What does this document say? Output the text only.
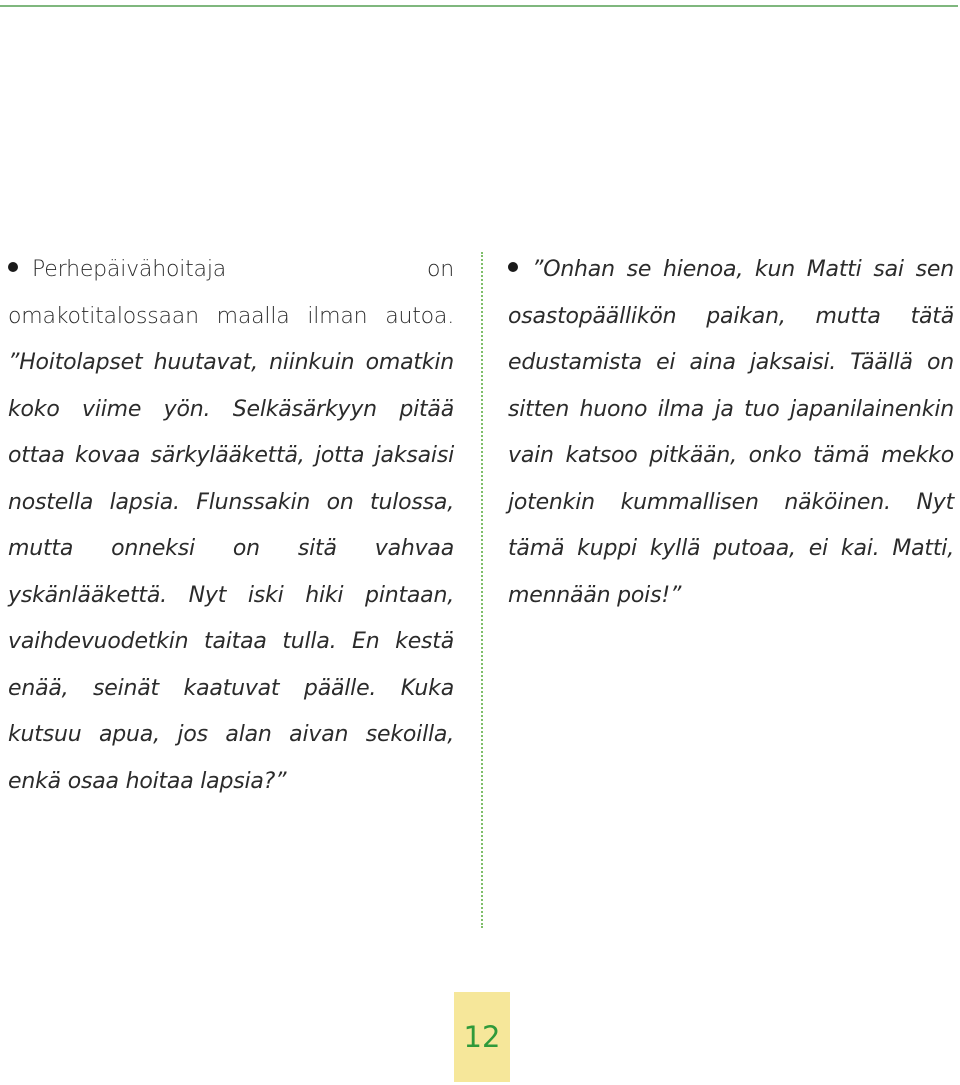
Perhepäivähoitaja on omakotitalossaan maalla ilman autoa. ”Hoitolapset huutavat, niinkuin omatkin koko viime yön. Selkäsärkyyn pitää ottaa kovaa särkylääkettä, jotta jaksaisi nostella lapsia. Flunssakin on tulossa, mutta onneksi on sitä vahvaa yskänlääkettä. Nyt iski hiki pintaan, vaihdevuodetkin taitaa tulla. En kestä enää, seinät kaatuvat päälle. Kuka kutsuu apua, jos alan aivan sekoilla, enkä osaa hoitaa lapsia?”

”Onhan se hienoa, kun Matti sai sen osastopäällikön paikan, mutta tätä edustamista ei aina jaksaisi. Täällä on sitten huono ilma ja tuo japanilainenkin vain katsoo pitkään, onko tämä mekko jotenkin kummallisen näköinen. Nyt tämä kuppi kyllä putoaa, ei kai. Matti, mennään pois!”

12
